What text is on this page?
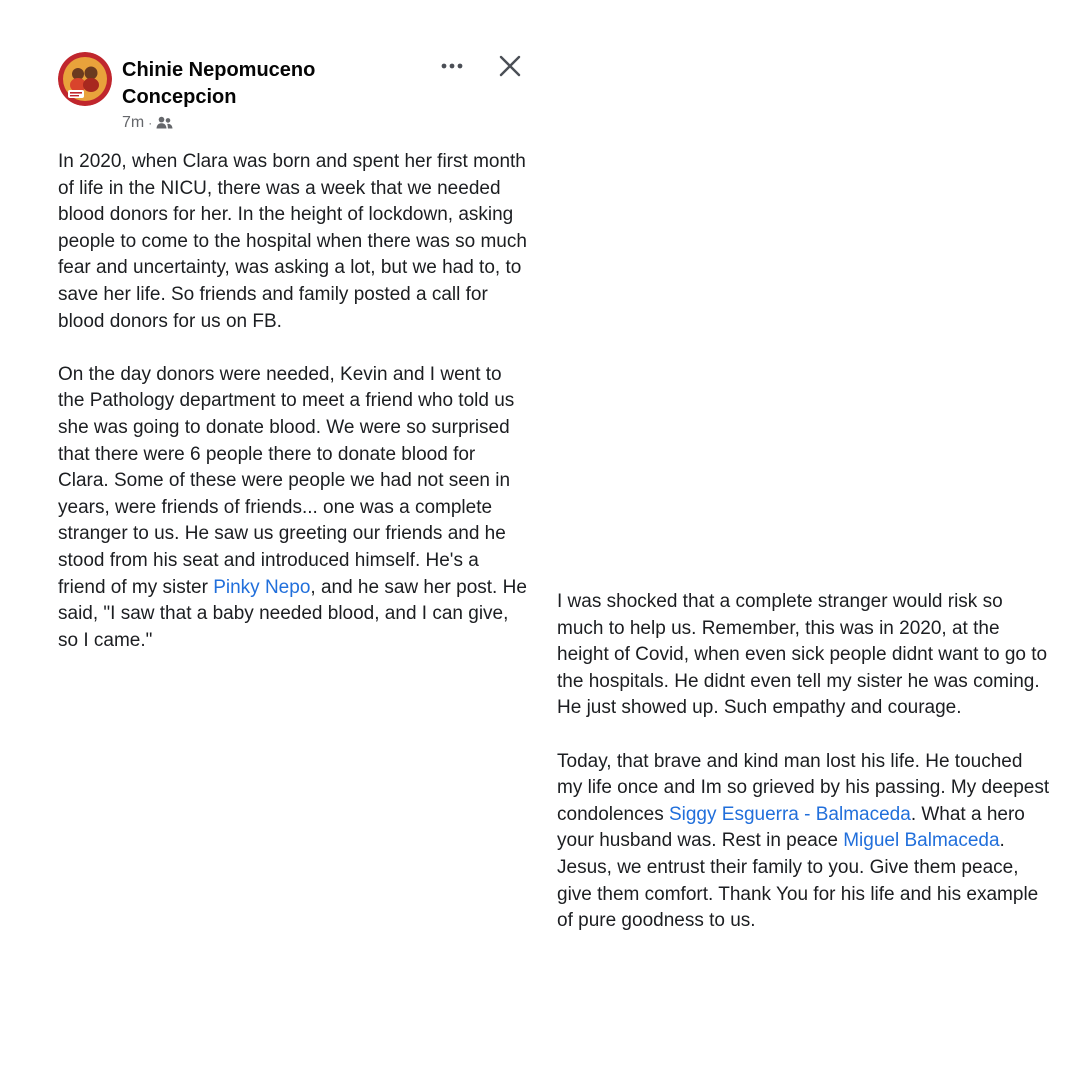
Chinie Nepomuceno Concepcion
7m ·

In 2020, when Clara was born and spent her first month of life in the NICU, there was a week that we needed blood donors for her. In the height of lockdown, asking people to come to the hospital when there was so much fear and uncertainty, was asking a lot, but we had to, to save her life. So friends and family posted a call for blood donors for us on FB.

On the day donors were needed, Kevin and I went to the Pathology department to meet a friend who told us she was going to donate blood. We were so surprised that there were 6 people there to donate blood for Clara. Some of these were people we had not seen in years, were friends of friends... one was a complete stranger to us. He saw us greeting our friends and he stood from his seat and introduced himself. He's a friend of my sister Pinky Nepo, and he saw her post. He said, "I saw that a baby needed blood, and I can give, so I came."

I was shocked that a complete stranger would risk so much to help us. Remember, this was in 2020, at the height of Covid, when even sick people didnt want to go to the hospitals. He didnt even tell my sister he was coming. He just showed up. Such empathy and courage.

Today, that brave and kind man lost his life. He touched my life once and Im so grieved by his passing. My deepest condolences Siggy Esguerra - Balmaceda. What a hero your husband was. Rest in peace Miguel Balmaceda. Jesus, we entrust their family to you. Give them peace, give them comfort. Thank You for his life and his example of pure goodness to us.
